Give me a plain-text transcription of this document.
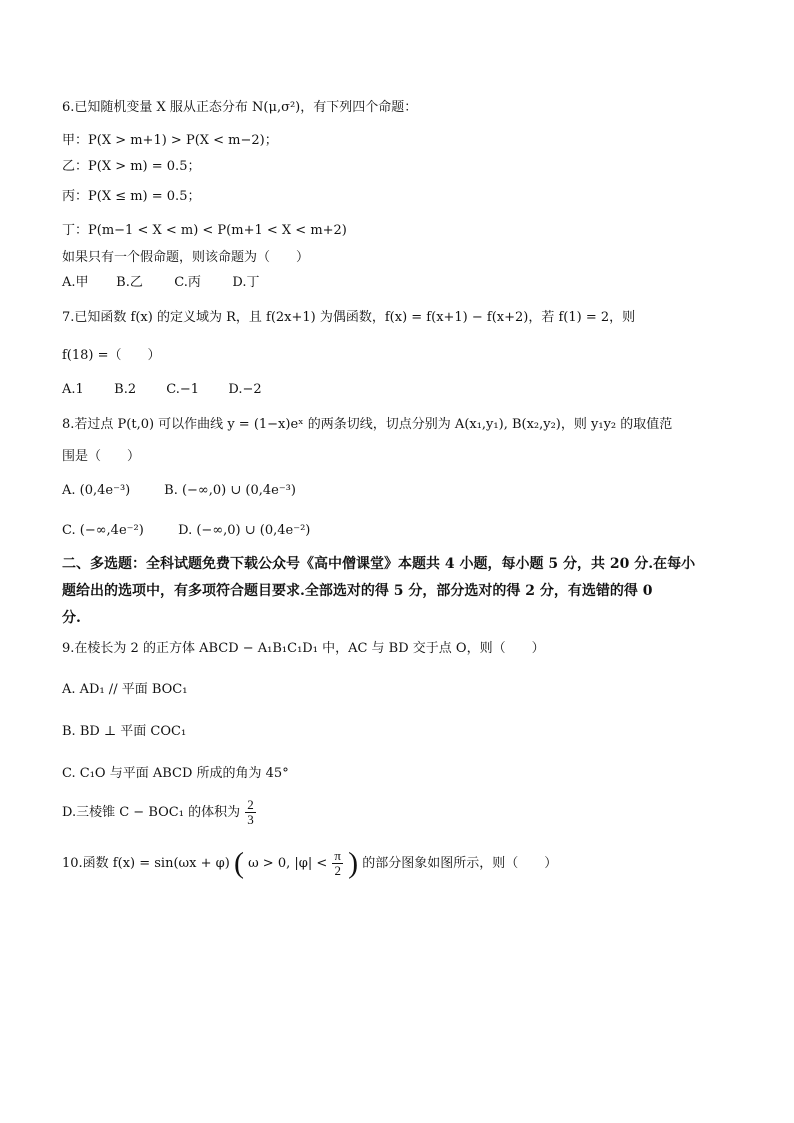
6.已知随机变量 X 服从正态分布 N(μ,σ²)，有下列四个命题：
甲：P(X > m+1) > P(X < m−2)；
乙：P(X > m) = 0.5；
丙：P(X ≤ m) = 0.5；
丁：P(m−1 < X < m) < P(m+1 < X < m+2)
如果只有一个假命题，则该命题为（　　）
A.甲 B.乙 C.丙 D.丁
7.已知函数 f(x) 的定义域为 R，且 f(2x+1) 为偶函数，f(x) = f(x+1) − f(x+2)，若 f(1) = 2，则
f(18) =（　　）
A.1 B.2 C.−1 D.−2
8.若过点 P(t,0) 可以作曲线 y = (1−x)eˣ 的两条切线，切点分别为 A(x₁,y₁), B(x₂,y₂)，则 y₁y₂ 的取值范
围是（　　）
A. (0,4e⁻³)	B. (−∞,0) ∪ (0,4e⁻³)
C. (−∞,4e⁻²)	D. (−∞,0) ∪ (0,4e⁻²)
二、多选题：全科试题免费下载公众号《高中僧课堂》本题共 4 小题，每小题 5 分，共 20 分.在每小
题给出的选项中，有多项符合题目要求.全部选对的得 5 分，部分选对的得 2 分，有选错的得 0
分.
9.在棱长为 2 的正方体 ABCD − A₁B₁C₁D₁ 中，AC 与 BD 交于点 O，则（　　）
A. AD₁ // 平面 BOC₁
B. BD ⊥ 平面 COC₁
C. C₁O 与平面 ABCD 所成的角为 45°
D.三棱锥 C − BOC₁ 的体积为 $\frac{2}{3}$
10.函数 f(x) = sin(ωx + φ) ( ω > 0, $|\varphi| < \frac{\pi}{2}$ ) 的部分图象如图所示，则（　　）
